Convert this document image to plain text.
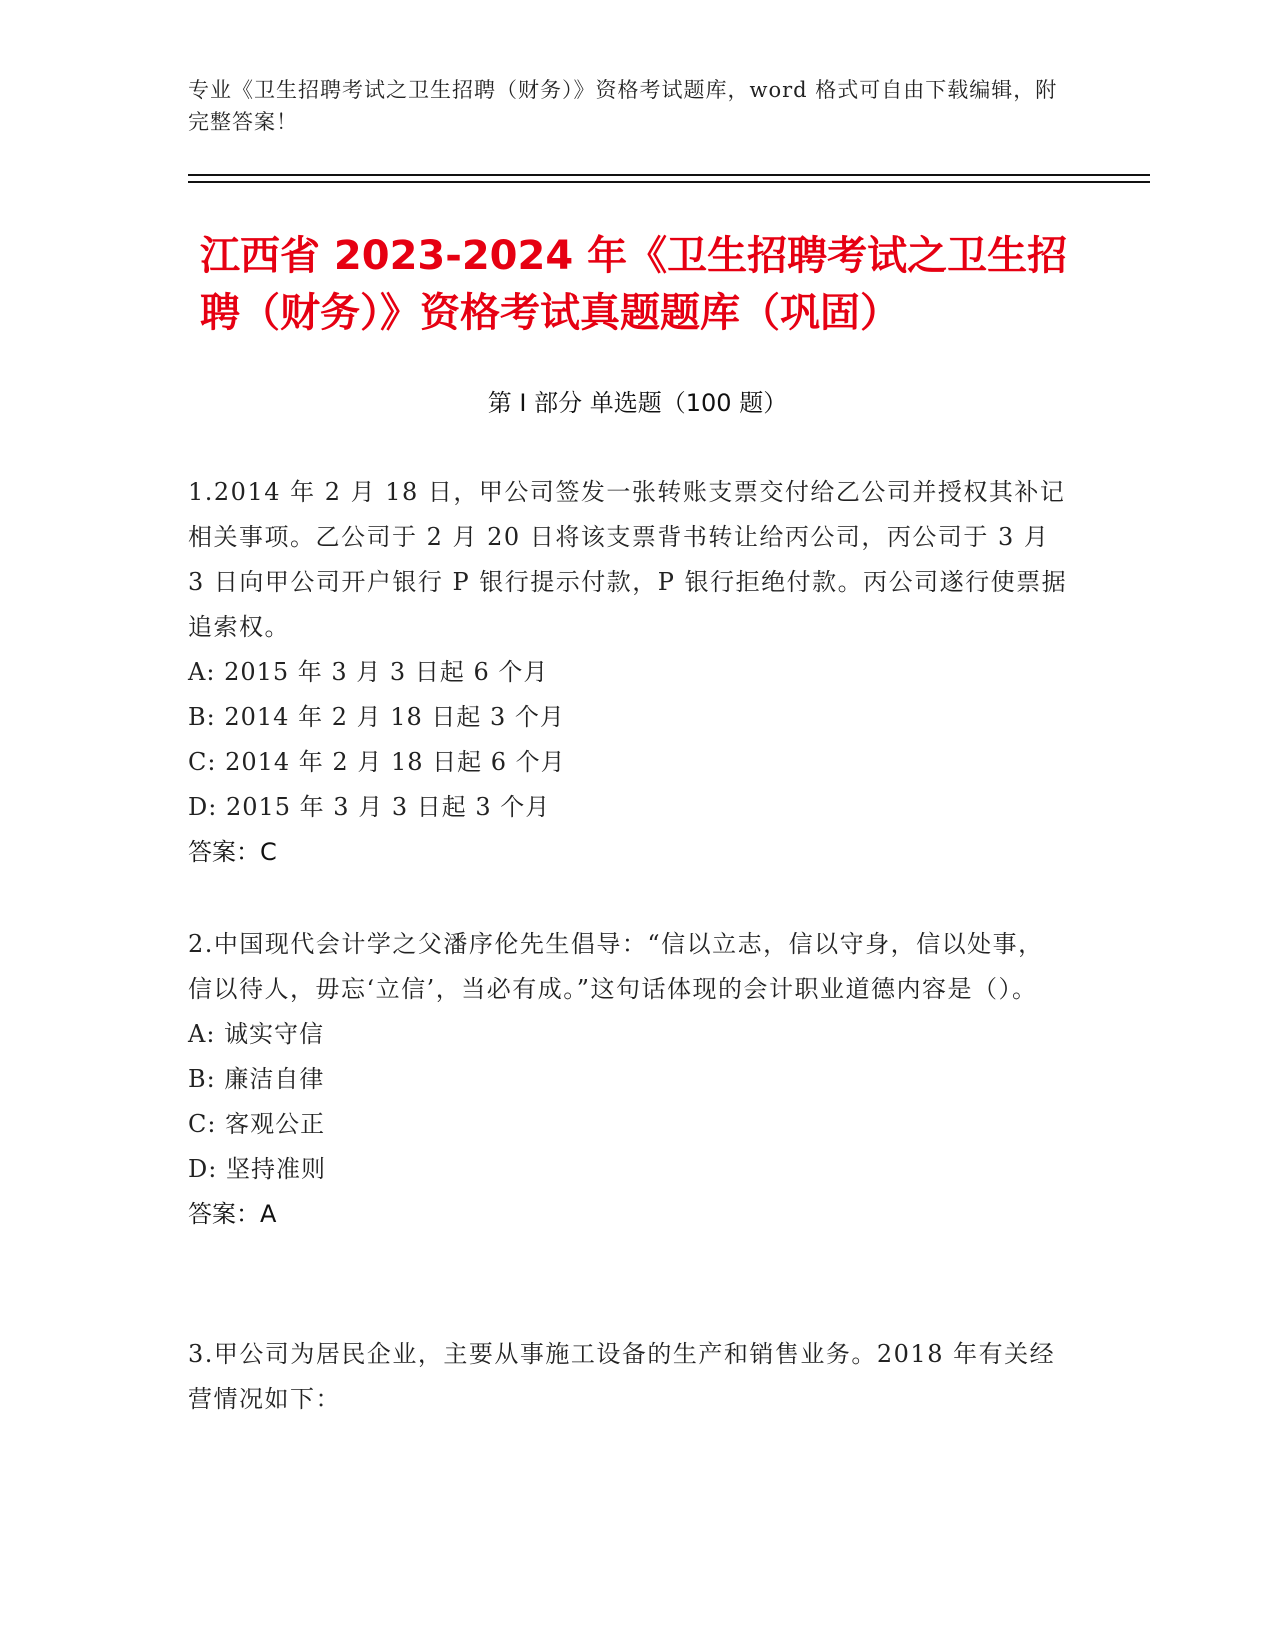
专业《卫生招聘考试之卫生招聘（财务）》资格考试题库，word 格式可自由下载编辑，附完整答案！
江西省 2023-2024 年《卫生招聘考试之卫生招聘（财务）》资格考试真题题库（巩固）
第 I 部分 单选题（100 题）
1.2014 年 2 月 18 日，甲公司签发一张转账支票交付给乙公司并授权其补记相关事项。乙公司于 2 月 20 日将该支票背书转让给丙公司，丙公司于 3 月 3 日向甲公司开户银行 P 银行提示付款，P 银行拒绝付款。丙公司遂行使票据追索权。
A: 2015 年 3 月 3 日起 6 个月
B: 2014 年 2 月 18 日起 3 个月
C: 2014 年 2 月 18 日起 6 个月
D: 2015 年 3 月 3 日起 3 个月
答案：C
2.中国现代会计学之父潘序伦先生倡导：“信以立志，信以守身，信以处事，信以待人，毋忘‘立信’，当必有成。”这句话体现的会计职业道德内容是（）。
A: 诚实守信
B: 廉洁自律
C: 客观公正
D: 坚持准则
答案：A
3.甲公司为居民企业，主要从事施工设备的生产和销售业务。2018 年有关经营情况如下：
